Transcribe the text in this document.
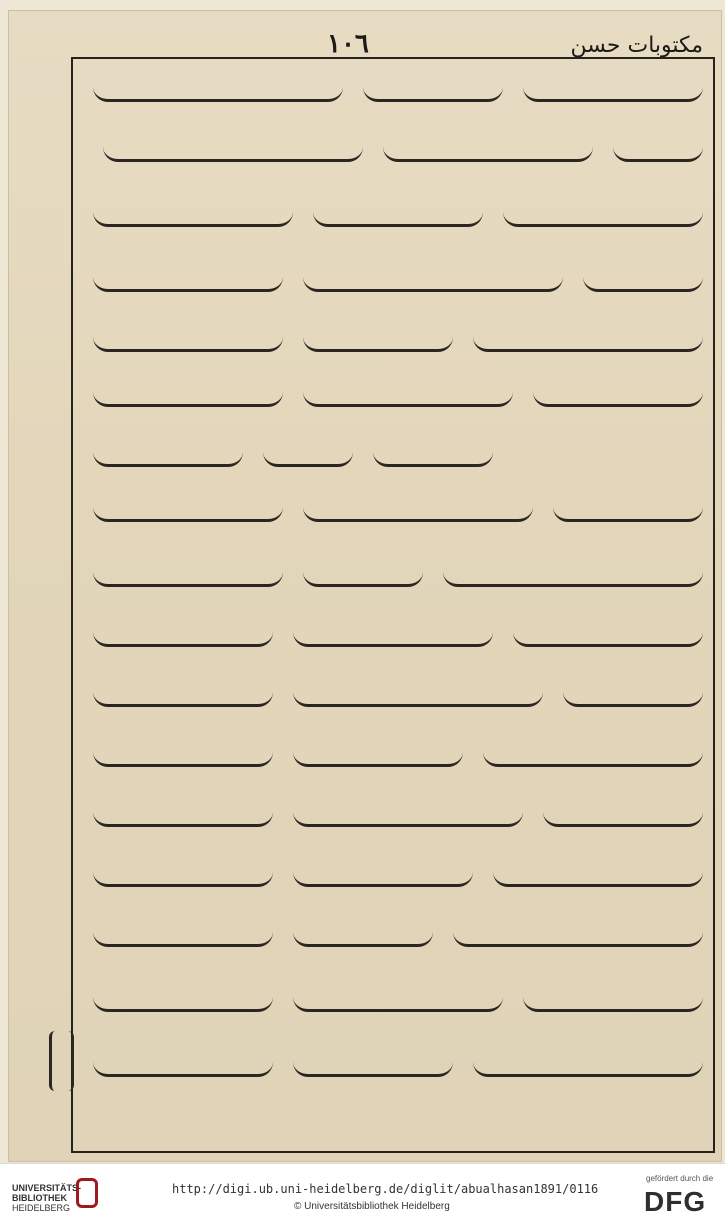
١٠٦	مکتوبات حسن
UNIVERSITÄTS-
BIBLIOTHEK
HEIDELBERG
http://digi.ub.uni-heidelberg.de/diglit/abualhasan1891/0116
© Universitätsbibliothek Heidelberg
gefördert durch die
DFG
